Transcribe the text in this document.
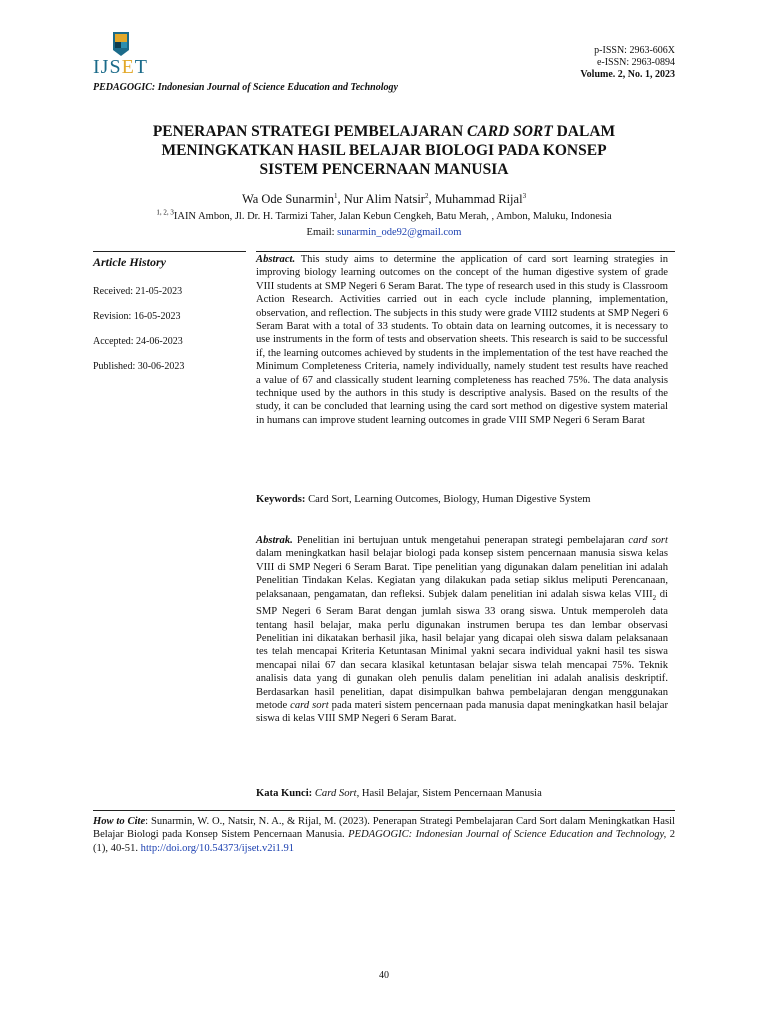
IJSET
PEDAGOGIC: Indonesian Journal of Science Education and Technology
p-ISSN: 2963-606X
e-ISSN: 2963-0894
Volume. 2, No. 1, 2023
PENERAPAN STRATEGI PEMBELAJARAN CARD SORT DALAM
MENINGKATKAN HASIL BELAJAR BIOLOGI PADA KONSEP
SISTEM PENCERNAAN MANUSIA
Wa Ode Sunarmin$^1$, Nur Alim Natsir$^2$, Muhammad Rijal$^3$
$^{1, 2, 3}$IAIN Ambon, Jl. Dr. H. Tarmizi Taher, Jalan Kebun Cengkeh, Batu Merah, , Ambon, Maluku, Indonesia
Email: sunarmin_ode92@gmail.com
Article History
Received: 21-05-2023
Revision: 16-05-2023
Accepted: 24-06-2023
Published: 30-06-2023
Abstract. This study aims to determine the application of card sort learning strategies in improving biology learning outcomes on the concept of the human digestive system of grade VIII students at SMP Negeri 6 Seram Barat. The type of research used in this study is Classroom Action Research. Activities carried out in each cycle include planning, implementation, observation, and reflection. The subjects in this study were grade VIII2 students at SMP Negeri 6 Seram Barat with a total of 33 students. To obtain data on learning outcomes, it is necessary to use instruments in the form of tests and observation sheets. This research is said to be successful if, the learning outcomes achieved by students in the implementation of the test have reached the Minimum Completeness Criteria, namely individually, namely student test results have reached a value of 67 and classically student learning completeness has reached 75%. The data analysis technique used by the authors in this study is descriptive analysis. Based on the results of the study, it can be concluded that learning using the card sort method on digestive system material in humans can improve student learning outcomes in grade VIII SMP Negeri 6 Seram Barat
Keywords: Card Sort, Learning Outcomes, Biology, Human Digestive System
Abstrak. Penelitian ini bertujuan untuk mengetahui penerapan strategi pembelajaran card sort dalam meningkatkan hasil belajar biologi pada konsep sistem pencernaan manusia siswa kelas VIII di SMP Negeri 6 Seram Barat. Tipe penelitian yang digunakan dalam penelitian ini adalah Penelitian Tindakan Kelas. Kegiatan yang dilakukan pada setiap siklus meliputi Perencanaan, pelaksanaan, pengamatan, dan refleksi. Subjek dalam penelitian ini adalah siswa kelas $VIII_2$ di SMP Negeri 6 Seram Barat dengan jumlah siswa 33 orang siswa. Untuk memperoleh data tentang hasil belajar, maka perlu digunakan instrumen berupa tes dan lembar observasi Penelitian ini dikatakan berhasil jika, hasil belajar yang dicapai oleh siswa dalam pelaksanaan tes telah mencapai Kriteria Ketuntasan Minimal yakni secara individual yakni hasil tes siswa mencapai nilai 67 dan secara klasikal ketuntasan belajar siswa telah mencapai 75%. Teknik analisis data yang di gunakan oleh penulis dalam penelitian ini adalah analisis deskriptif. Berdasarkan hasil penelitian, dapat disimpulkan bahwa pembelajaran dengan menggunakan metode card sort pada materi sistem pencernaan pada manusia dapat meningkatkan hasil belajar siswa di kelas VIII SMP Negeri 6 Seram Barat.
Kata Kunci: Card Sort, Hasil Belajar, Sistem Pencernaan Manusia
How to Cite: Sunarmin, W. O., Natsir, N. A., & Rijal, M. (2023). Penerapan Strategi Pembelajaran Card Sort dalam Meningkatkan Hasil Belajar Biologi pada Konsep Sistem Pencernaan Manusia. PEDAGOGIC: Indonesian Journal of Science Education and Technology, 2 (1), 40-51. http://doi.org/10.54373/ijset.v2i1.91
40
